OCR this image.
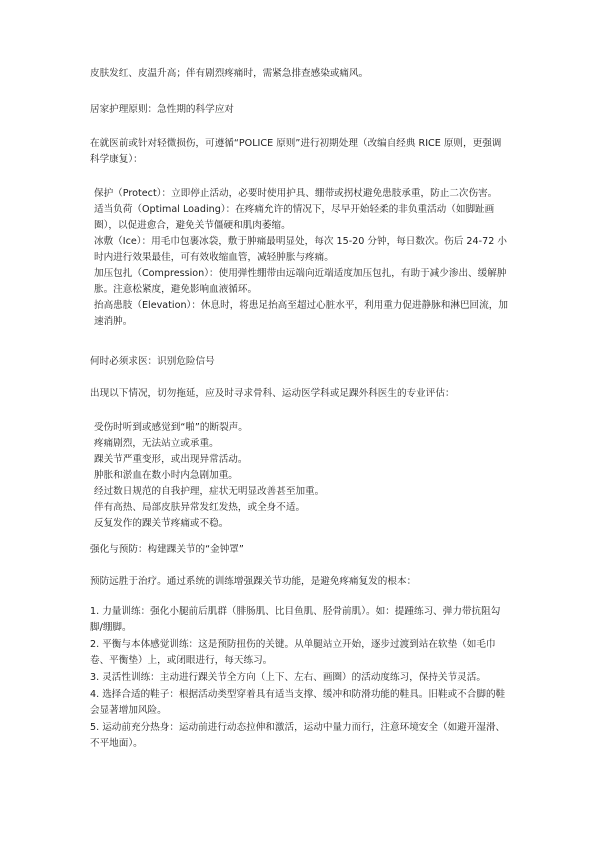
皮肤发红、皮温升高；伴有剧烈疼痛时，需紧急排查感染或痛风。

居家护理原则：急性期的科学应对

在就医前或针对轻微损伤，可遵循“POLICE 原则”进行初期处理（改编自经典 RICE 原则，更强调科学康复）：

保护（Protect）：立即停止活动，必要时使用护具、绷带或拐杖避免患肢承重，防止二次伤害。

适当负荷（Optimal Loading）：在疼痛允许的情况下，尽早开始轻柔的非负重活动（如脚趾画圈），以促进愈合，避免关节僵硬和肌肉萎缩。

冰敷（Ice）：用毛巾包裹冰袋，敷于肿痛最明显处，每次 15-20 分钟，每日数次。伤后 24-72 小时内进行效果最佳，可有效收缩血管，减轻肿胀与疼痛。

加压包扎（Compression）：使用弹性绷带由远端向近端适度加压包扎，有助于减少渗出、缓解肿胀。注意松紧度，避免影响血液循环。

抬高患肢（Elevation）：休息时，将患足抬高至超过心脏水平，利用重力促进静脉和淋巴回流，加速消肿。

何时必须求医：识别危险信号

出现以下情况，切勿拖延，应及时寻求骨科、运动医学科或足踝外科医生的专业评估：

受伤时听到或感觉到“啪”的断裂声。

疼痛剧烈，无法站立或承重。

踝关节严重变形，或出现异常活动。

肿胀和淤血在数小时内急剧加重。

经过数日规范的自我护理，症状无明显改善甚至加重。

伴有高热、局部皮肤异常发红发热，或全身不适。

反复发作的踝关节疼痛或不稳。

强化与预防：构建踝关节的“金钟罩”

预防远胜于治疗。通过系统的训练增强踝关节功能，是避免疼痛复发的根本：

1. 力量训练：强化小腿前后肌群（腓肠肌、比目鱼肌、胫骨前肌）。如：提踵练习、弹力带抗阻勾脚/绷脚。

2. 平衡与本体感觉训练：这是预防扭伤的关键。从单腿站立开始，逐步过渡到站在软垫（如毛巾卷、平衡垫）上，或闭眼进行，每天练习。

3. 灵活性训练：主动进行踝关节全方向（上下、左右、画圈）的活动度练习，保持关节灵活。

4. 选择合适的鞋子：根据活动类型穿着具有适当支撑、缓冲和防滑功能的鞋具。旧鞋或不合脚的鞋会显著增加风险。

5. 运动前充分热身：运动前进行动态拉伸和激活，运动中量力而行，注意环境安全（如避开湿滑、不平地面）。
